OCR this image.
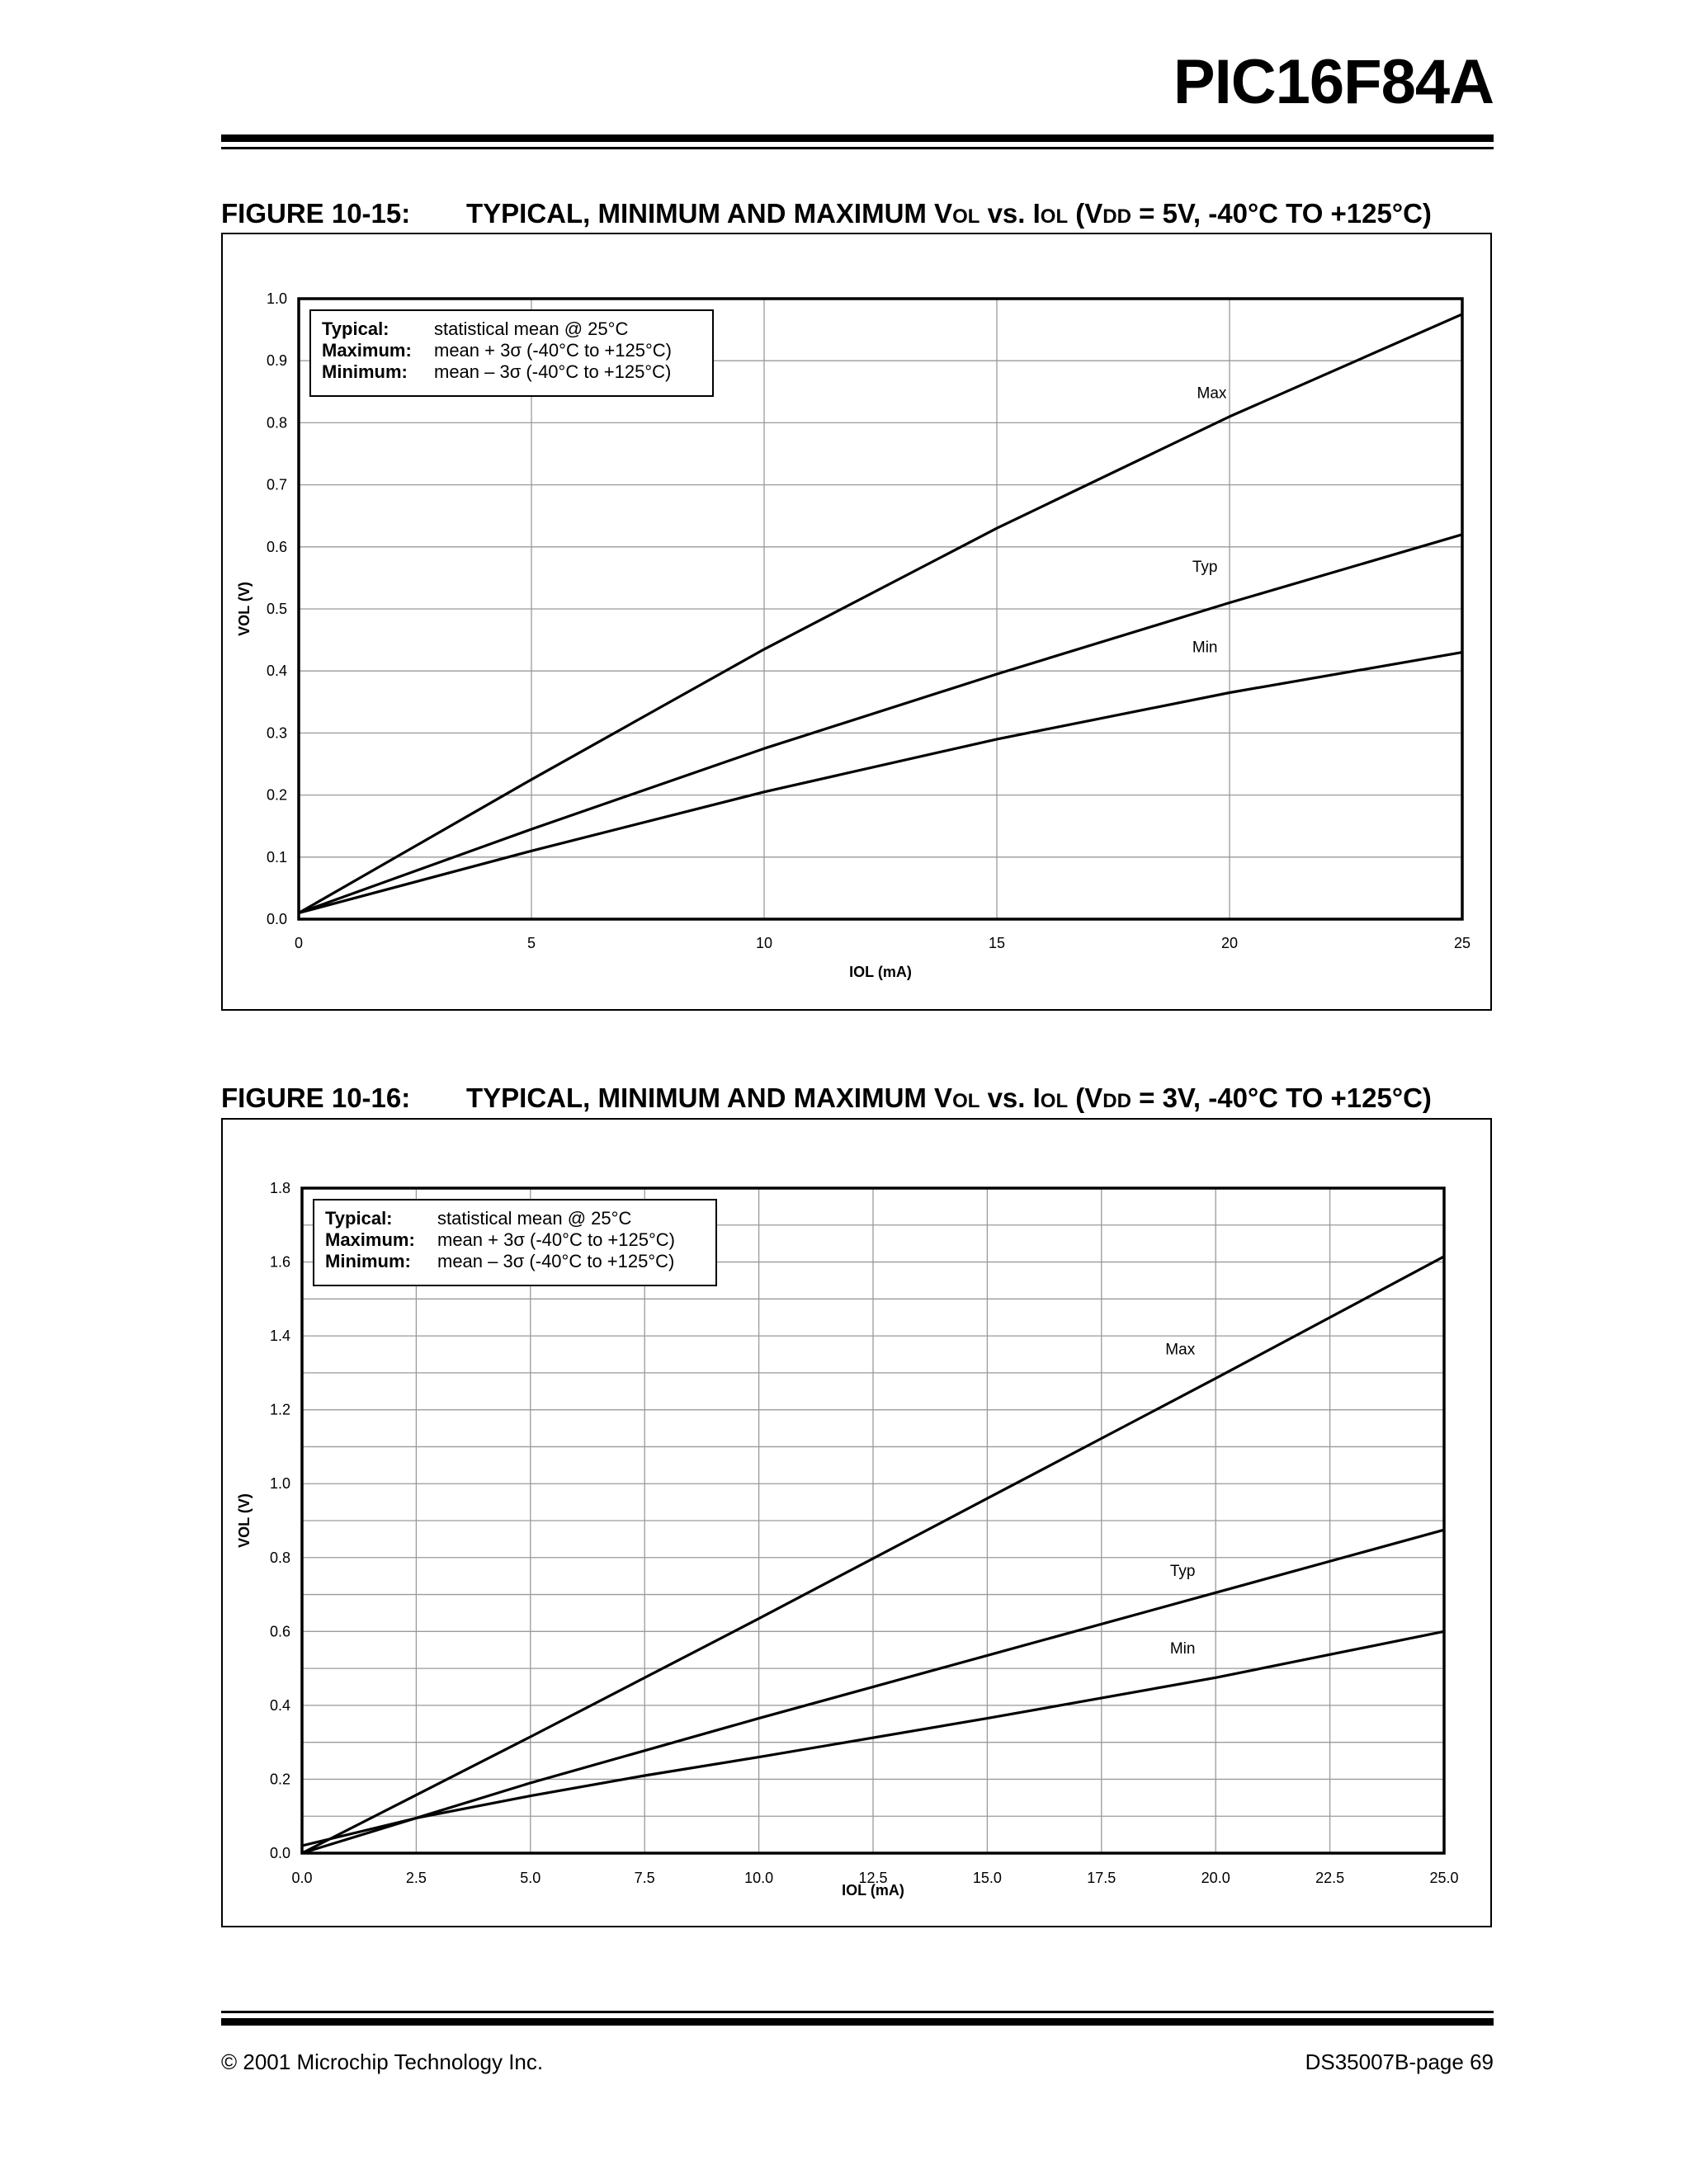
PIC16F84A
FIGURE 10-15: TYPICAL, MINIMUM AND MAXIMUM VOL vs. IOL (VDD = 5V, -40°C TO +125°C)
0	5	10	15	20	25
0.0
0.1
0.2
0.3
0.4
0.5
0.6
0.7
0.8
0.9
1.0
IOL (mA)
VOL (V)
Typical: statistical mean @ 25°C
Maximum: mean + 3σ (-40°C to +125°C)
Minimum: mean – 3σ (-40°C to +125°C)
Max
Typ
Min
FIGURE 10-16: TYPICAL, MINIMUM AND MAXIMUM VOL vs. IOL (VDD = 3V, -40°C TO +125°C)
0.0	2.5	5.0	7.5	10.0	12.5	15.0	17.5	20.0	22.5	25.0
0.0
0.2
0.4
0.6
0.8
1.0
1.2
1.4
1.6
1.8
IOL (mA)
VOL (V)
Typical: statistical mean @ 25°C
Maximum: mean + 3σ (-40°C to +125°C)
Minimum: mean – 3σ (-40°C to +125°C)
Max
Typ
Min
© 2001 Microchip Technology Inc.	DS35007B-page 69
